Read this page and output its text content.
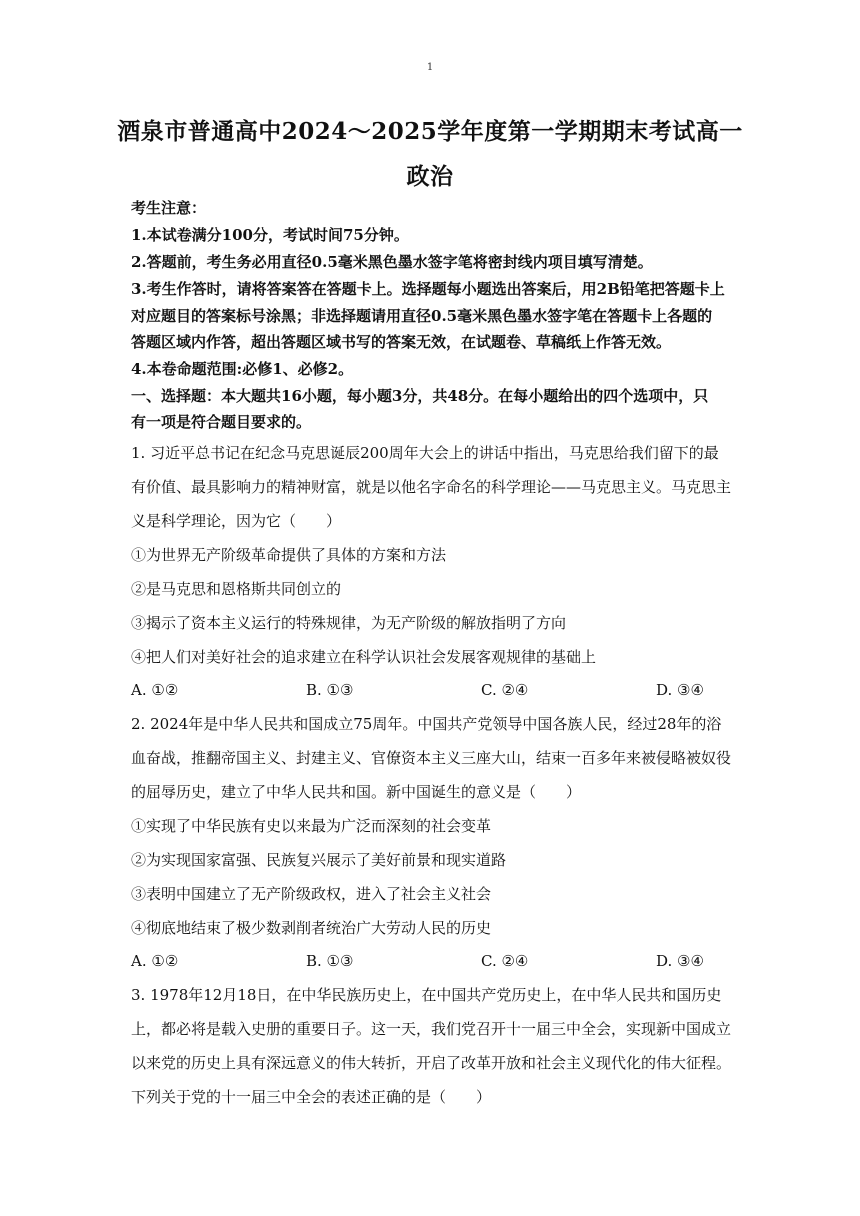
1
酒泉市普通高中2024～2025学年度第一学期期末考试高一
政治
考生注意：
1.本试卷满分100分，考试时间75分钟。
2.答题前，考生务必用直径0.5毫米黑色墨水签字笔将密封线内项目填写清楚。
3.考生作答时，请将答案答在答题卡上。选择题每小题选出答案后，用2B铅笔把答题卡上
对应题目的答案标号涂黑；非选择题请用直径0.5毫米黑色墨水签字笔在答题卡上各题的
答题区域内作答，超出答题区域书写的答案无效，在试题卷、草稿纸上作答无效。
4.本卷命题范围:必修1、必修2。
一、选择题：本大题共16小题，每小题3分，共48分。在每小题给出的四个选项中，只
有一项是符合题目要求的。
1. 习近平总书记在纪念马克思诞辰200周年大会上的讲话中指出，马克思给我们留下的最
有价值、最具影响力的精神财富，就是以他名字命名的科学理论——马克思主义。马克思主
义是科学理论，因为它（　　）
①为世界无产阶级革命提供了具体的方案和方法
②是马克思和恩格斯共同创立的
③揭示了资本主义运行的特殊规律，为无产阶级的解放指明了方向
④把人们对美好社会的追求建立在科学认识社会发展客观规律的基础上
A. ①②	B. ①③	C. ②④	D. ③④
2. 2024年是中华人民共和国成立75周年。中国共产党领导中国各族人民，经过28年的浴
血奋战，推翻帝国主义、封建主义、官僚资本主义三座大山，结束一百多年来被侵略被奴役
的屈辱历史，建立了中华人民共和国。新中国诞生的意义是（　　）
①实现了中华民族有史以来最为广泛而深刻的社会变革
②为实现国家富强、民族复兴展示了美好前景和现实道路
③表明中国建立了无产阶级政权，进入了社会主义社会
④彻底地结束了极少数剥削者统治广大劳动人民的历史
A. ①②	B. ①③	C. ②④	D. ③④
3. 1978年12月18日，在中华民族历史上，在中国共产党历史上，在中华人民共和国历史
上，都必将是载入史册的重要日子。这一天，我们党召开十一届三中全会，实现新中国成立
以来党的历史上具有深远意义的伟大转折，开启了改革开放和社会主义现代化的伟大征程。
下列关于党的十一届三中全会的表述正确的是（　　）
